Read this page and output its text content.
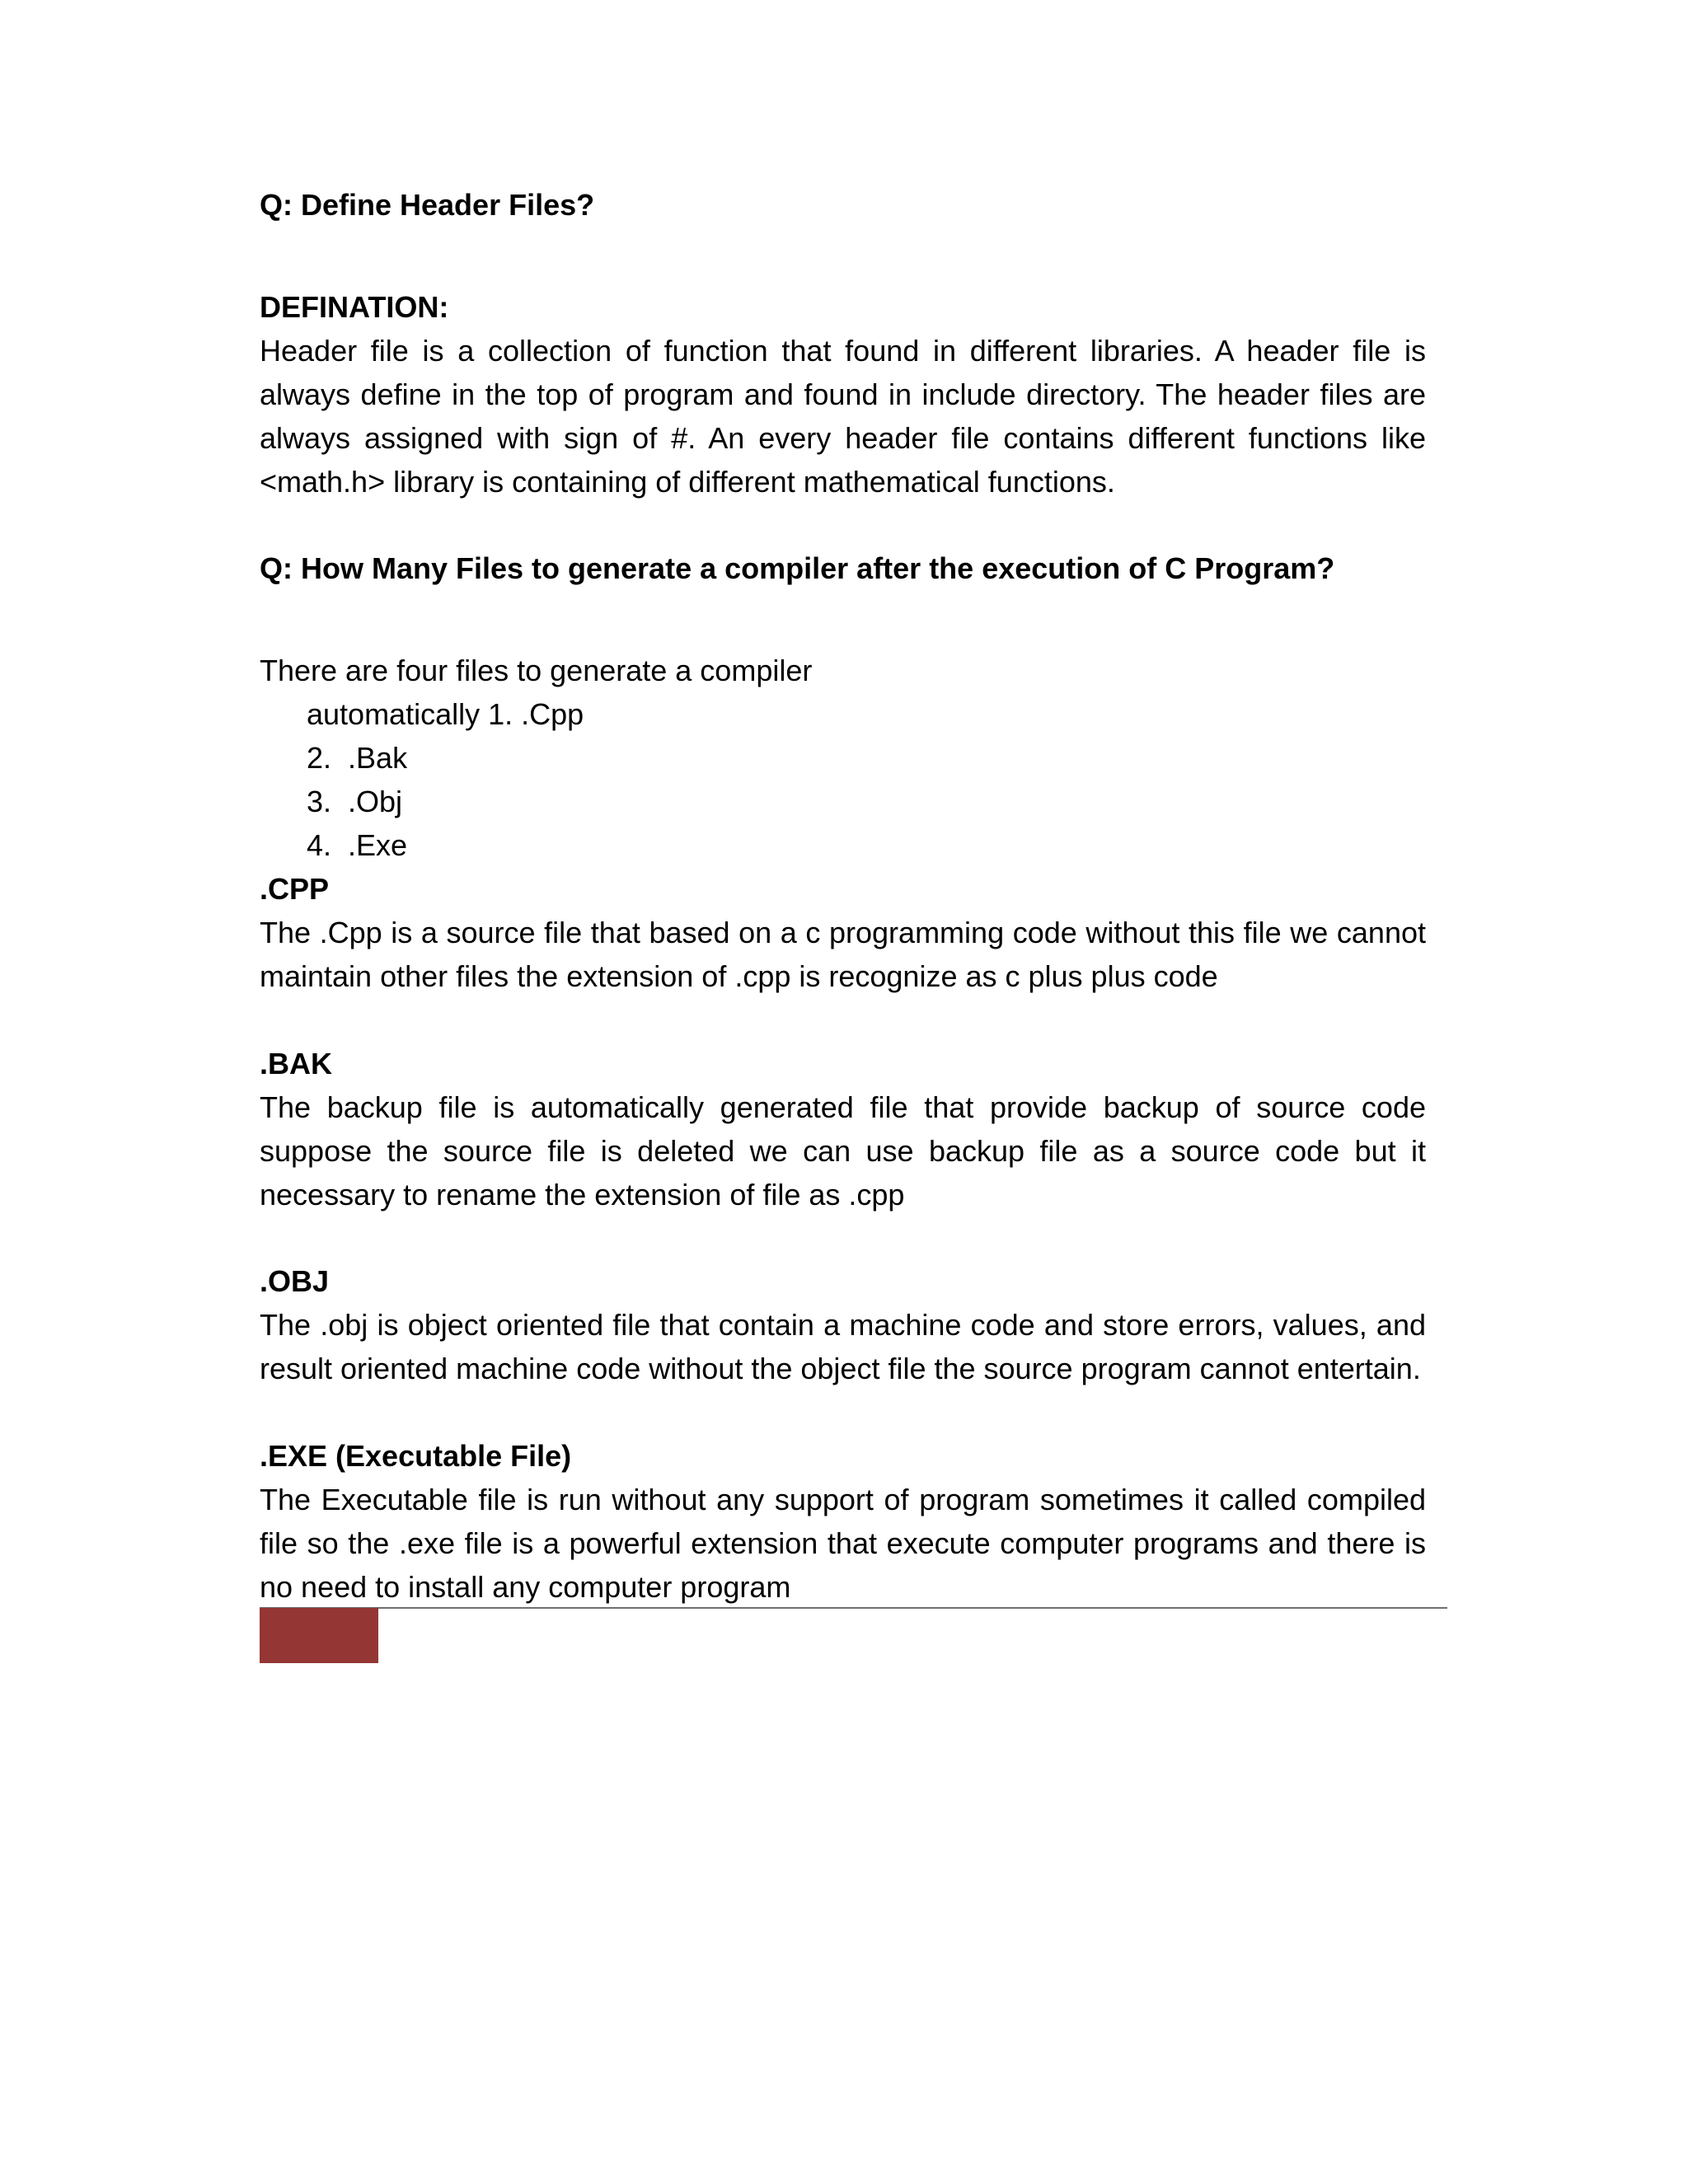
Q: Define Header Files?
DEFINATION:
Header file is a collection of function that found in different libraries. A header file is always define in the top of program and found in include directory. The header files are always assigned with sign of #. An every header file contains different functions like <math.h> library is containing of different mathematical functions.
Q: How Many Files to generate a compiler after the execution of C Program?
There are four files to generate a compiler
automatically 1. .Cpp
2.  .Bak
3.  .Obj
4.  .Exe
.CPP
The .Cpp is a source file that based on a c programming code without this file we cannot maintain other files the extension of .cpp is recognize as c plus plus code
.BAK
The backup file is automatically generated file that provide backup of source code suppose the source file is deleted we can use backup file as a source code but it necessary to rename the extension of file as .cpp
.OBJ
The .obj is object oriented file that contain a machine code and store errors, values, and result oriented machine code without the object file the source program cannot entertain.
.EXE (Executable File)
The Executable file is run without any support of program sometimes it called compiled file so the .exe file is a powerful extension that execute computer programs and there is no need to install any computer program
